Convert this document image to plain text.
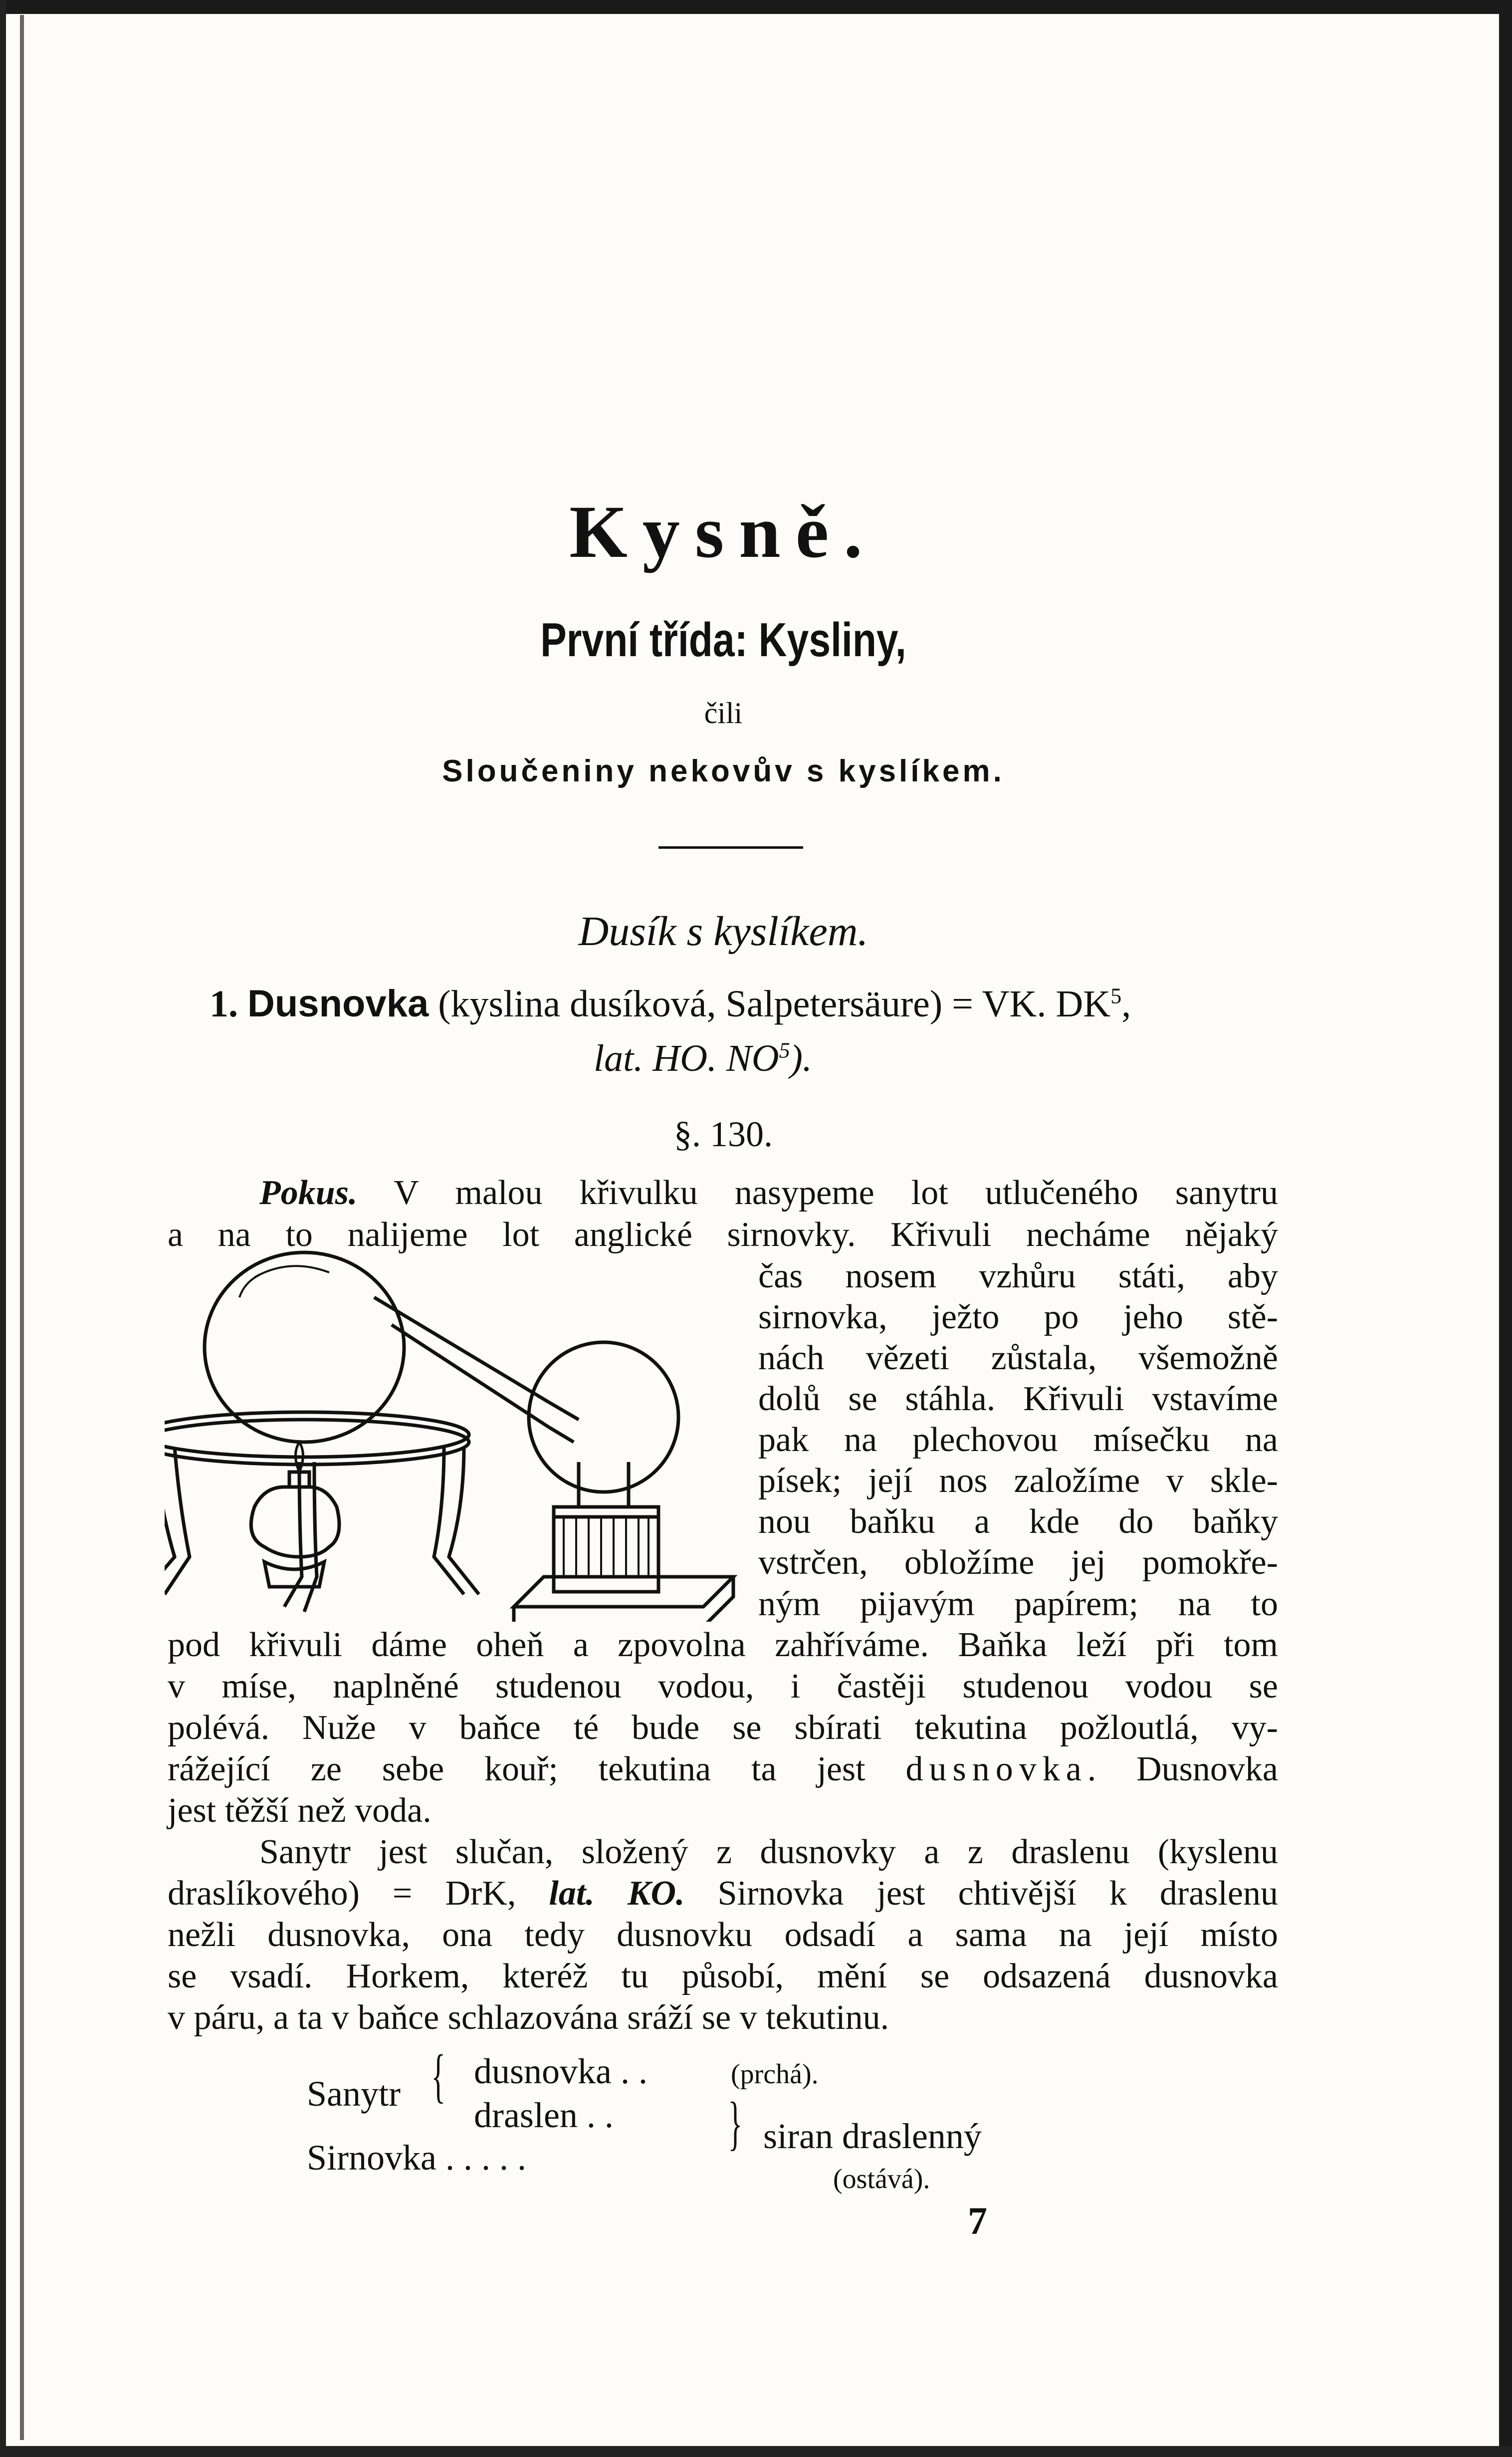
Kysně.
První třída: Kysliny,
čili
Sloučeniny nekovův s kyslíkem.
Dusík s kyslíkem.
1. Dusnovka (kyslina dusíková, Salpetersäure) = VK. $DK^5$,
lat. HO. $NO^5$).
§. 130.
Pokus. V malou křivulku nasypeme lot utlučeného sanytru
a na to nalijeme lot anglické sirnovky. Křivuli necháme nějaký
čas nosem vzhůru státi, aby
sirnovka, ježto po jeho stě-
nách vězeti zůstala, všemožně
dolů se stáhla. Křivuli vstavíme
pak na plechovou mísečku na
písek; její nos založíme v skle-
nou baňku a kde do baňky
vstrčen, obložíme jej pomokře-
ným pijavým papírem; na to
pod křivuli dáme oheň a zpovolna zahříváme. Baňka leží při tom
v míse, naplněné studenou vodou, i častěji studenou vodou se
polévá. Nuže v baňce té bude se sbírati tekutina požloutlá, vy-
rážející ze sebe kouř; tekutina ta jest dusnovka. Dusnovka
jest těžší než voda.
Sanytr jest slučan, složený z dusnovky a z draslenu (kyslenu
draslíkového) = DrK, lat. KO. Sirnovka jest chtivější k draslenu
nežli dusnovka, ona tedy dusnovku odsadí a sama na její místo
se vsadí. Horkem, kteréž tu působí, mění se odsazená dusnovka
v páru, a ta v baňce schlazována sráží se v tekutinu.
Sanytr { dusnovka . .	(prchá).
draslen . . } siran draslenný
Sirnovka . . . . .
(ostává).
7
